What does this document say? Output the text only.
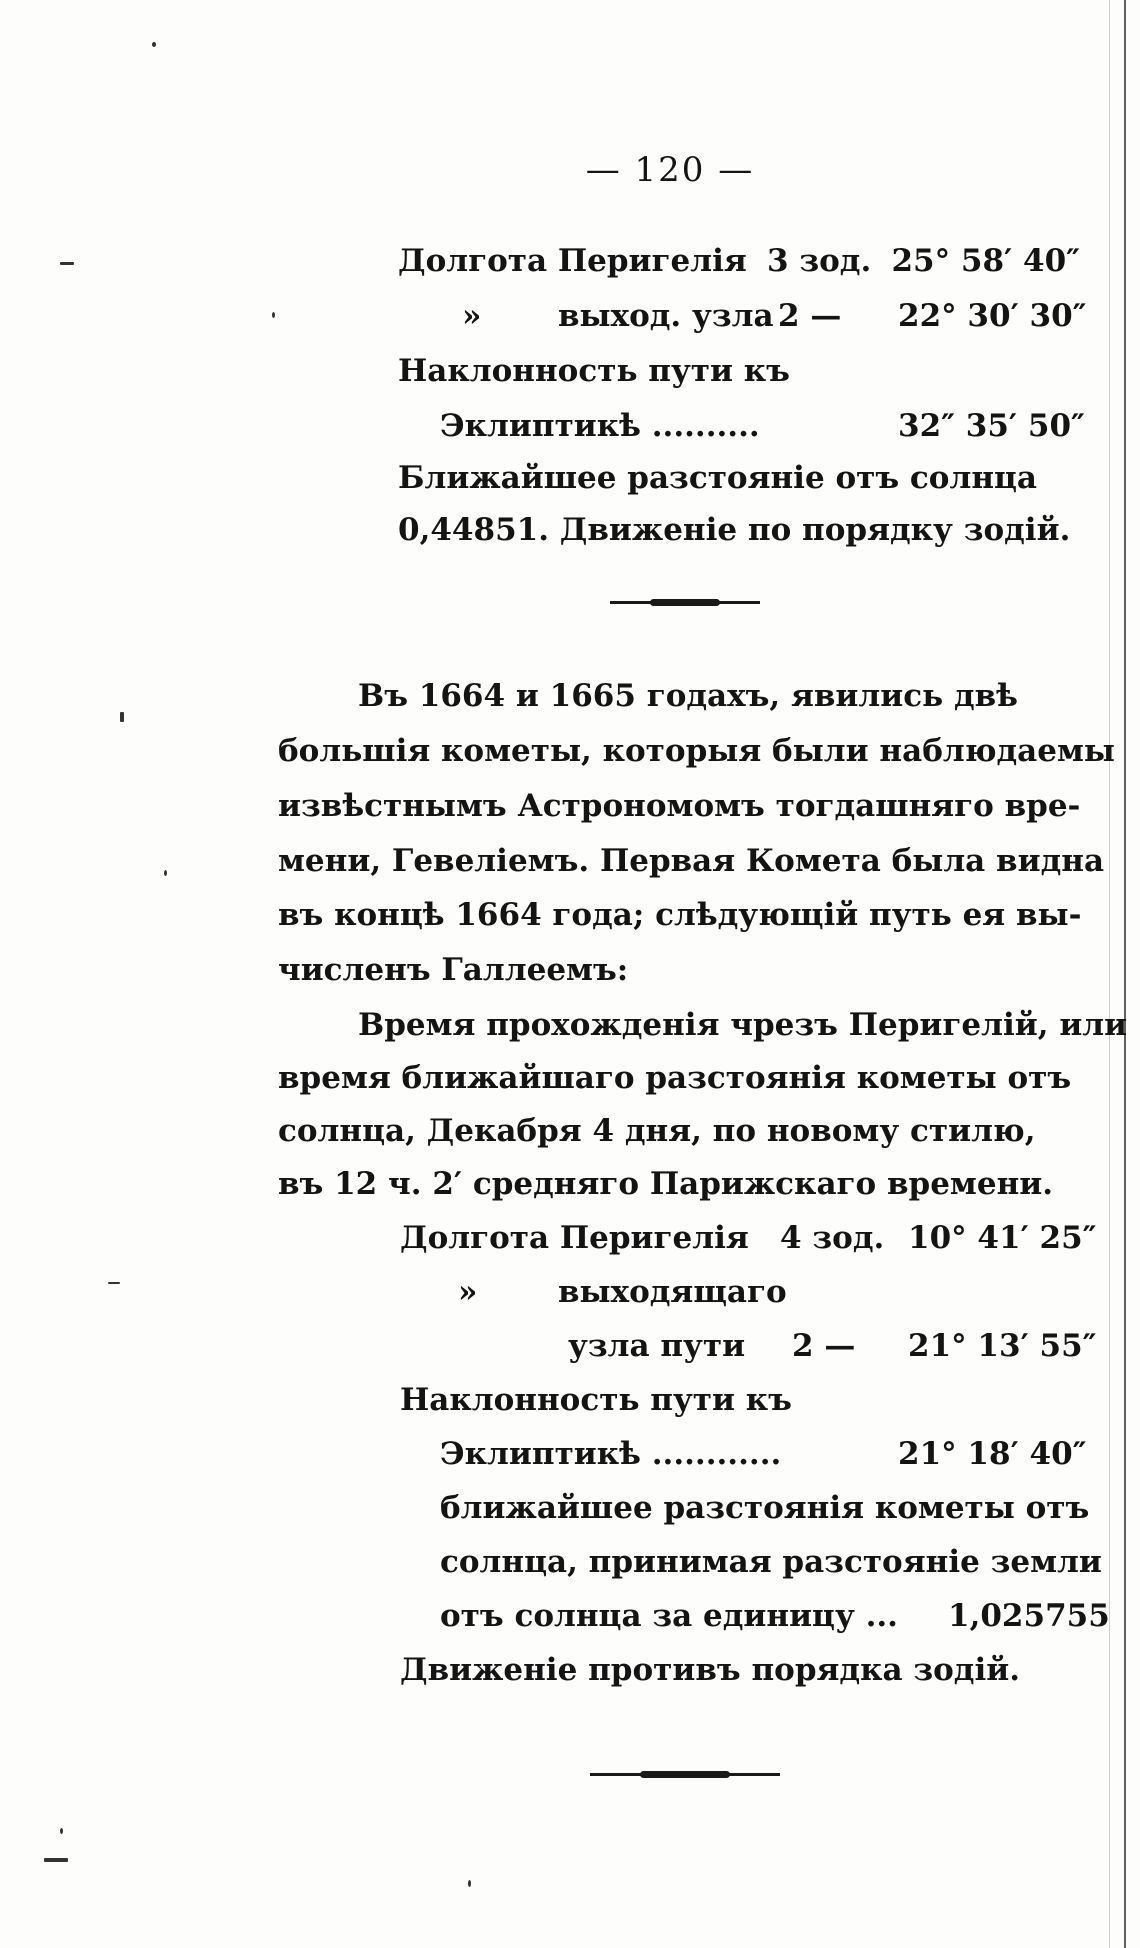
— 120 —
Долгота Перигелія 3 зод. 25° 58′ 40″
» выход. узла 2 — 22° 30′ 30″
Наклонность пути къ
Эклиптикѣ ..........	32″ 35′ 50″
Ближайшее разстояніе отъ солнца
0,44851. Движеніе по порядку зодій.
Въ 1664 и 1665 годахъ, явились двѣ
большія кометы, которыя были наблюдаемы
извѣстнымъ Астрономомъ тогдашняго вре-
мени, Гевеліемъ. Первая Комета была видна
въ концѣ 1664 года; слѣдующій путь ея вы-
численъ Галлеемъ:
Время прохожденія чрезъ Перигелій, или
время ближайшаго разстоянія кометы отъ
солнца, Декабря 4 дня, по новому стилю,
въ 12 ч. 2′ средняго Парижскаго времени.
Долгота Перигелія 4 зод. 10° 41′ 25″
»	выходящаго
узла пути 2 — 21° 13′ 55″
Наклонность пути къ
Эклиптикѣ ............	21° 18′ 40″
ближайшее разстоянія кометы отъ
солнца, принимая разстояніе земли
отъ солнца за единицу ... 1,025755
Движеніе противъ порядка зодій.
